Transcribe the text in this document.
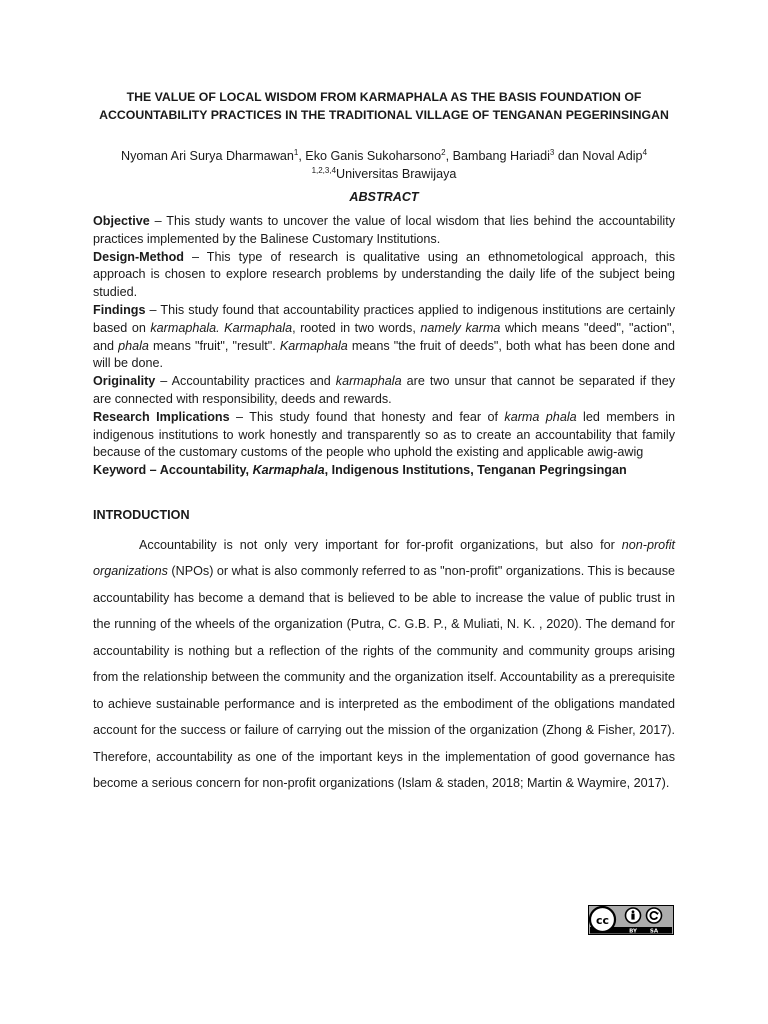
THE VALUE OF LOCAL WISDOM FROM KARMAPHALA AS THE BASIS FOUNDATION OF ACCOUNTABILITY PRACTICES IN THE TRADITIONAL VILLAGE OF TENGANAN PEGERINSINGAN
Nyoman Ari Surya Dharmawan$^1$, Eko Ganis Sukoharsono$^2$, Bambang Hariadi$^3$ dan Noval Adip$^4$
$^{1,2,3,4}$Universitas Brawijaya
ABSTRACT

Objective – This study wants to uncover the value of local wisdom that lies behind the accountability practices implemented by the Balinese Customary Institutions.

Design-Method – This type of research is qualitative using an ethnometological approach, this approach is chosen to explore research problems by understanding the daily life of the subject being studied.

Findings – This study found that accountability practices applied to indigenous institutions are certainly based on karmaphala. Karmaphala, rooted in two words, namely karma which means "deed", "action", and phala means "fruit", "result". Karmaphala means "the fruit of deeds", both what has been done and will be done.

Originality – Accountability practices and karmaphala are two unsur that cannot be separated if they are connected with responsibility, deeds and rewards.

Research Implications – This study found that honesty and fear of karma phala led members in indigenous institutions to work honestly and transparently so as to create an accountability that family because of the customary customs of the people who uphold the existing and applicable awig-awig

Keyword – Accountability, Karmaphala, Indigenous Institutions, Tenganan Pegringsingan

INTRODUCTION

Accountability is not only very important for for-profit organizations, but also for non-profit organizations (NPOs) or what is also commonly referred to as "non-profit" organizations. This is because accountability has become a demand that is believed to be able to increase the value of public trust in the running of the wheels of the organization (Putra, C. G.B. P., & Muliati, N. K. , 2020). The demand for accountability is nothing but a reflection of the rights of the community and community groups arising from the relationship between the community and the organization itself. Accountability as a prerequisite to achieve sustainable performance and is interpreted as the embodiment of the obligations mandated account for the success or failure of carrying out the mission of the organization (Zhong & Fisher, 2017). Therefore, accountability as one of the important keys in the implementation of good governance has become a serious concern for non-profit organizations (Islam & staden, 2018; Martin & Waymire, 2017).

cc
BY SA
